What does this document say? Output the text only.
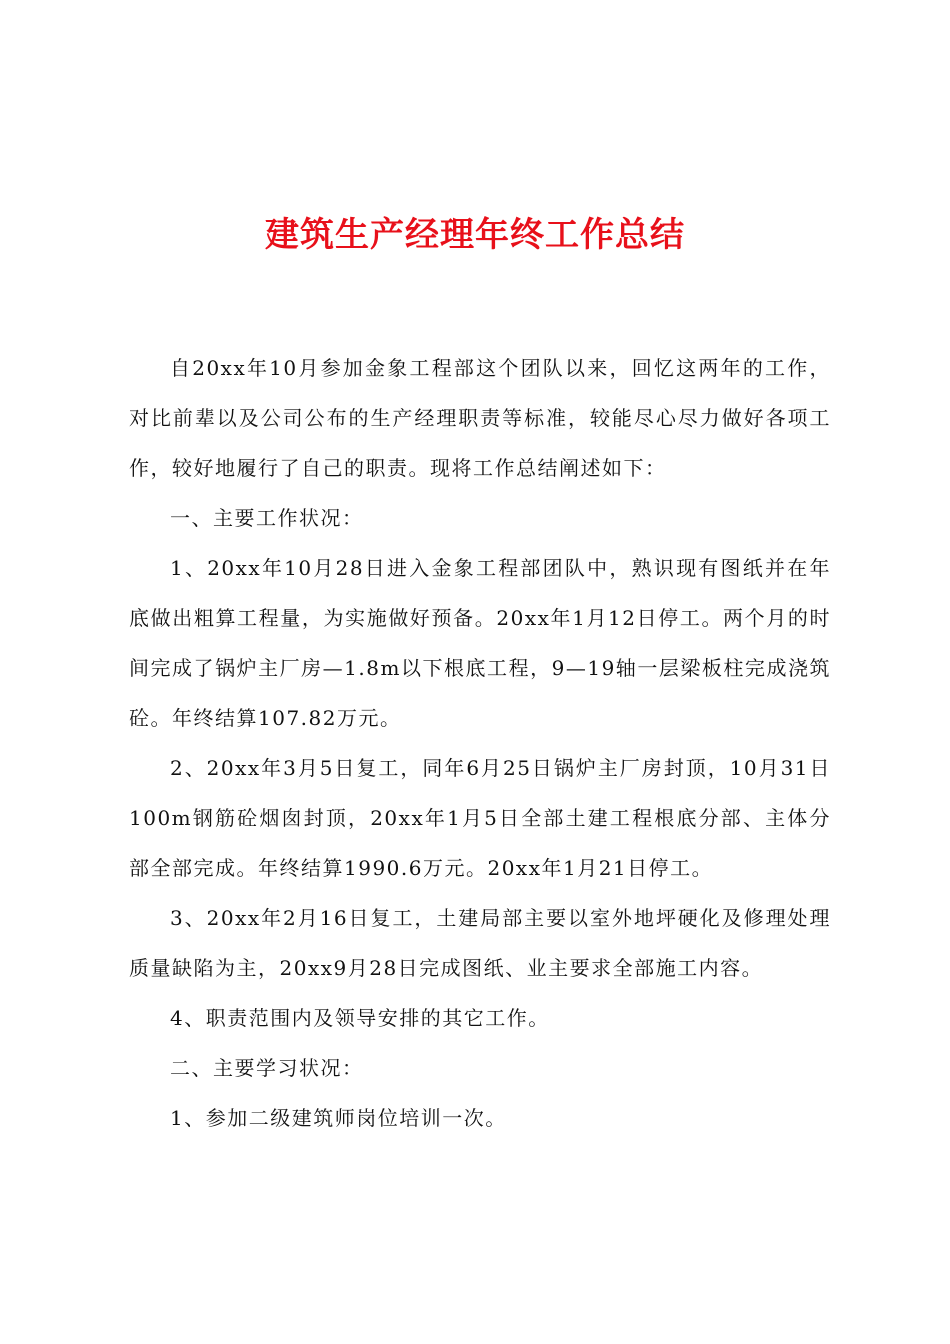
建筑生产经理年终工作总结

自20xx年10月参加金象工程部这个团队以来，回忆这两年的工作，对比前辈以及公司公布的生产经理职责等标准，较能尽心尽力做好各项工作，较好地履行了自己的职责。现将工作总结阐述如下：

一、主要工作状况：

1、20xx年10月28日进入金象工程部团队中，熟识现有图纸并在年底做出粗算工程量，为实施做好预备。20xx年1月12日停工。两个月的时间完成了锅炉主厂房—1.8m以下根底工程，9—19轴一层梁板柱完成浇筑砼。年终结算107.82万元。

2、20xx年3月5日复工，同年6月25日锅炉主厂房封顶，10月31日100m钢筋砼烟囱封顶，20xx年1月5日全部土建工程根底分部、主体分部全部完成。年终结算1990.6万元。20xx年1月21日停工。

3、20xx年2月16日复工，土建局部主要以室外地坪硬化及修理处理质量缺陷为主，20xx9月28日完成图纸、业主要求全部施工内容。

4、职责范围内及领导安排的其它工作。

二、主要学习状况：

1、参加二级建筑师岗位培训一次。
